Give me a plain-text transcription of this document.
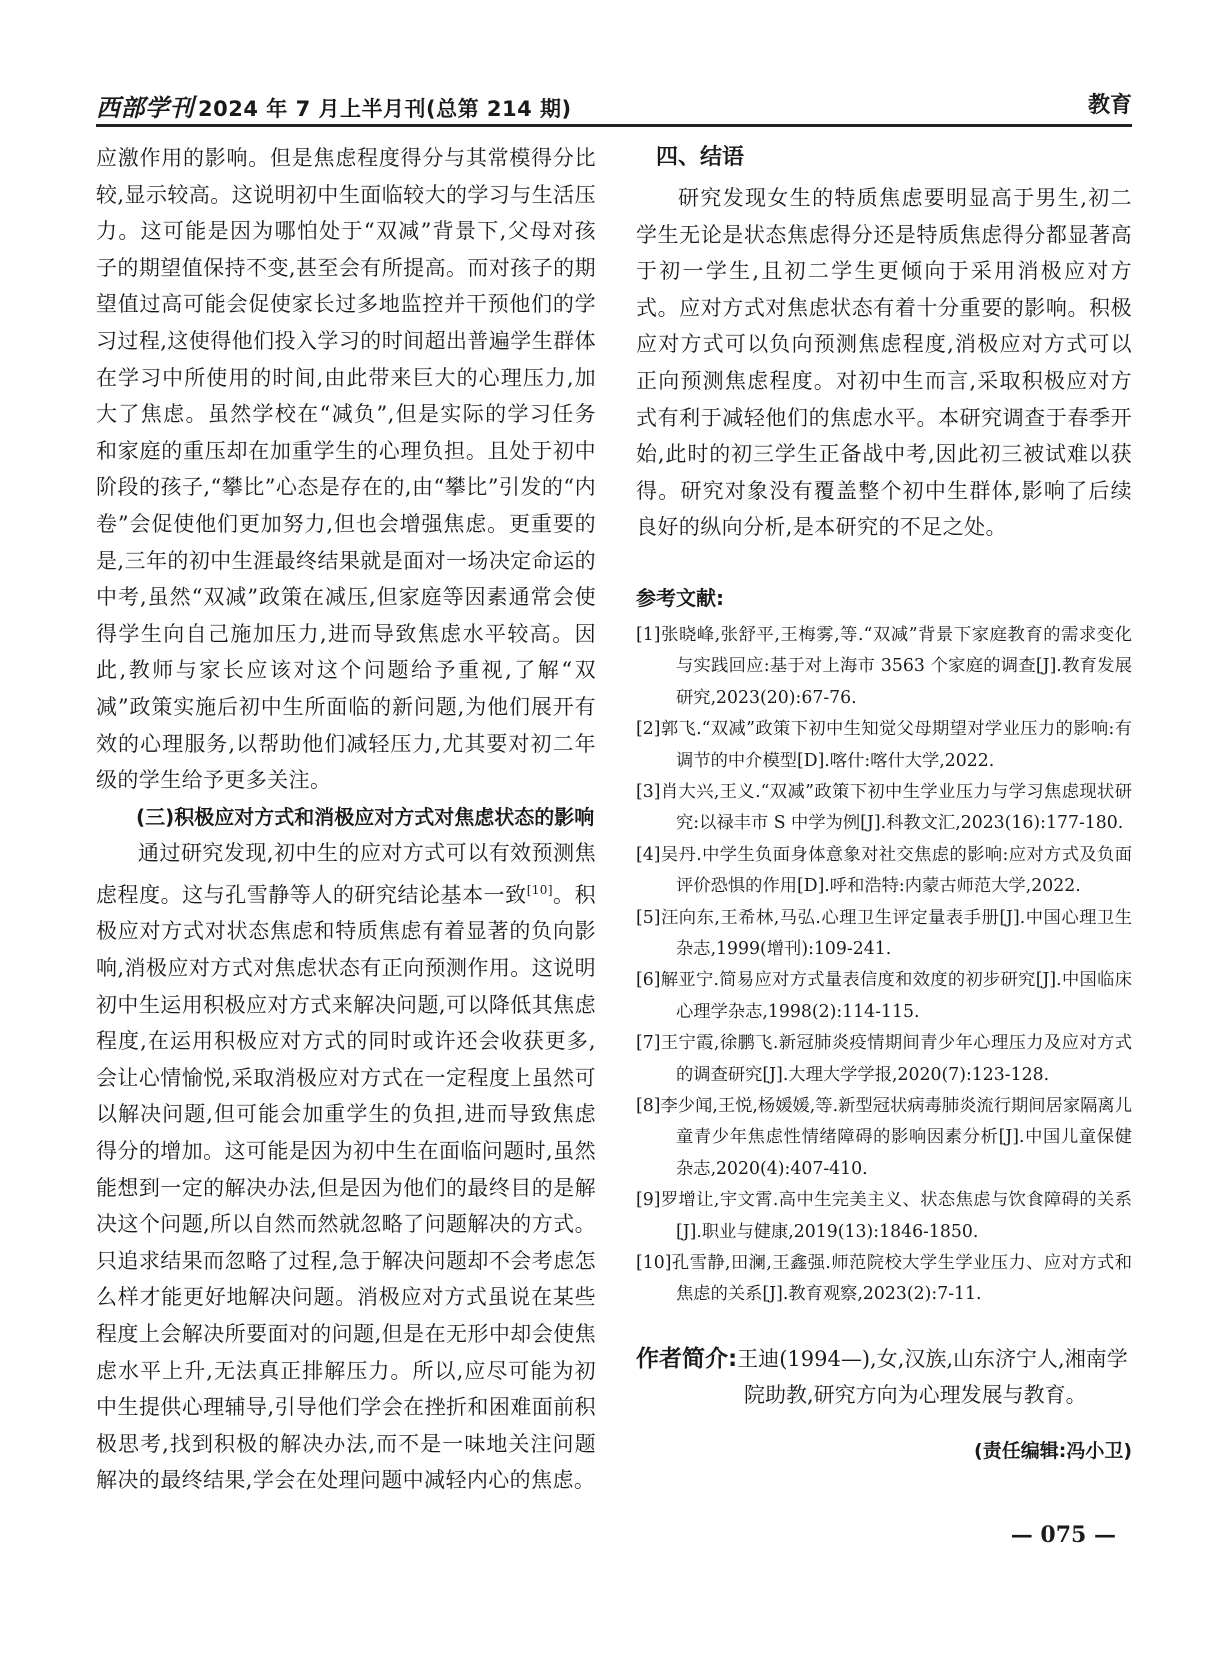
西部学刊 2024 年 7 月上半月刊(总第 214 期)	教育

应激作用的影响。但是焦虑程度得分与其常模得分比较,显示较高。这说明初中生面临较大的学习与生活压力。这可能是因为哪怕处于“双减”背景下,父母对孩子的期望值保持不变,甚至会有所提高。而对孩子的期望值过高可能会促使家长过多地监控并干预他们的学习过程,这使得他们投入学习的时间超出普遍学生群体在学习中所使用的时间,由此带来巨大的心理压力,加大了焦虑。虽然学校在“减负”,但是实际的学习任务和家庭的重压却在加重学生的心理负担。且处于初中阶段的孩子,“攀比”心态是存在的,由“攀比”引发的“内卷”会促使他们更加努力,但也会增强焦虑。更重要的是,三年的初中生涯最终结果就是面对一场决定命运的中考,虽然“双减”政策在减压,但家庭等因素通常会使得学生向自己施加压力,进而导致焦虑水平较高。因此,教师与家长应该对这个问题给予重视,了解“双减”政策实施后初中生所面临的新问题,为他们展开有效的心理服务,以帮助他们减轻压力,尤其要对初二年级的学生给予更多关注。

(三)积极应对方式和消极应对方式对焦虑状态的影响

通过研究发现,初中生的应对方式可以有效预测焦虑程度。这与孔雪静等人的研究结论基本一致[10]。积极应对方式对状态焦虑和特质焦虑有着显著的负向影响,消极应对方式对焦虑状态有正向预测作用。这说明初中生运用积极应对方式来解决问题,可以降低其焦虑程度,在运用积极应对方式的同时或许还会收获更多,会让心情愉悦,采取消极应对方式在一定程度上虽然可以解决问题,但可能会加重学生的负担,进而导致焦虑得分的增加。这可能是因为初中生在面临问题时,虽然能想到一定的解决办法,但是因为他们的最终目的是解决这个问题,所以自然而然就忽略了问题解决的方式。只追求结果而忽略了过程,急于解决问题却不会考虑怎么样才能更好地解决问题。消极应对方式虽说在某些程度上会解决所要面对的问题,但是在无形中却会使焦虑水平上升,无法真正排解压力。所以,应尽可能为初中生提供心理辅导,引导他们学会在挫折和困难面前积极思考,找到积极的解决办法,而不是一味地关注问题解决的最终结果,学会在处理问题中减轻内心的焦虑。

四、结语

研究发现女生的特质焦虑要明显高于男生,初二学生无论是状态焦虑得分还是特质焦虑得分都显著高于初一学生,且初二学生更倾向于采用消极应对方式。应对方式对焦虑状态有着十分重要的影响。积极应对方式可以负向预测焦虑程度,消极应对方式可以正向预测焦虑程度。对初中生而言,采取积极应对方式有利于减轻他们的焦虑水平。本研究调查于春季开始,此时的初三学生正备战中考,因此初三被试难以获得。研究对象没有覆盖整个初中生群体,影响了后续良好的纵向分析,是本研究的不足之处。

参考文献:

[1]张晓峰,张舒平,王梅雾,等.“双减”背景下家庭教育的需求变化与实践回应:基于对上海市 3563 个家庭的调查[J].教育发展研究,2023(20):67-76.

[2]郭飞.“双减”政策下初中生知觉父母期望对学业压力的影响:有调节的中介模型[D].喀什:喀什大学,2022.

[3]肖大兴,王义.“双减”政策下初中生学业压力与学习焦虑现状研究:以禄丰市 S 中学为例[J].科教文汇,2023(16):177-180.

[4]吴丹.中学生负面身体意象对社交焦虑的影响:应对方式及负面评价恐惧的作用[D].呼和浩特:内蒙古师范大学,2022.

[5]汪向东,王希林,马弘.心理卫生评定量表手册[J].中国心理卫生杂志,1999(增刊):109-241.

[6]解亚宁.简易应对方式量表信度和效度的初步研究[J].中国临床心理学杂志,1998(2):114-115.

[7]王宁霞,徐鹏飞.新冠肺炎疫情期间青少年心理压力及应对方式的调查研究[J].大理大学学报,2020(7):123-128.

[8]李少闻,王悦,杨媛媛,等.新型冠状病毒肺炎流行期间居家隔离儿童青少年焦虑性情绪障碍的影响因素分析[J].中国儿童保健杂志,2020(4):407-410.

[9]罗增让,宇文霄.高中生完美主义、状态焦虑与饮食障碍的关系[J].职业与健康,2019(13):1846-1850.

[10]孔雪静,田澜,王鑫强.师范院校大学生学业压力、应对方式和焦虑的关系[J].教育观察,2023(2):7-11.

作者简介:王迪(1994—),女,汉族,山东济宁人,湘南学院助教,研究方向为心理发展与教育。

(责任编辑:冯小卫)
— 075 —
